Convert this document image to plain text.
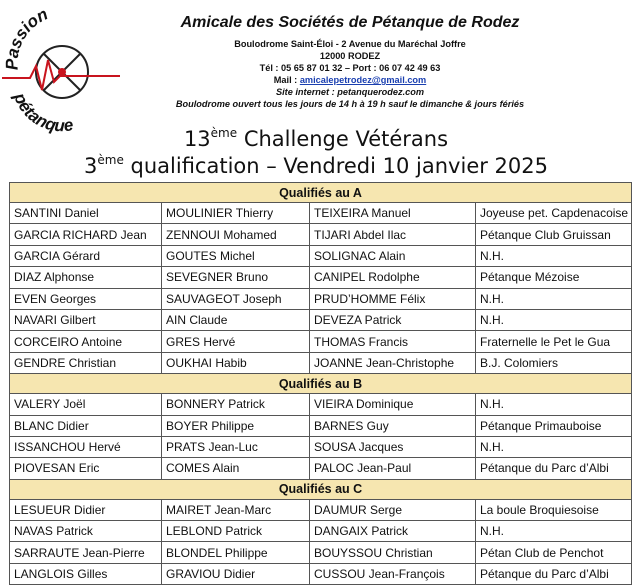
Passion
pétanque
Amicale des Sociétés de Pétanque de Rodez
Boulodrome Saint-Éloi - 2 Avenue du Maréchal Joffre
12000 RODEZ
Tél : 05 65 87 01 32 – Port : 06 07 42 49 63
Mail : amicalepetrodez@gmail.com
Site internet : petanquerodez.com
Boulodrome ouvert tous les jours de 14 h à 19 h sauf le dimanche & jours fériés
13ème Challenge Vétérans
3ème qualification – Vendredi 10 janvier 2025
Qualifiés au A			
SANTINI Daniel	MOULINIER Thierry	TEIXEIRA Manuel	Joyeuse pet. Capdenacoise
GARCIA RICHARD Jean	ZENNOUI Mohamed	TIJARI Abdel Ilac	Pétanque Club Gruissan
GARCIA Gérard	GOUTES Michel	SOLIGNAC Alain	N.H.
DIAZ Alphonse	SEVEGNER Bruno	CANIPEL Rodolphe	Pétanque Mézoise
EVEN Georges	SAUVAGEOT Joseph	PRUD’HOMME Félix	N.H.
NAVARI Gilbert	AIN Claude	DEVEZA Patrick	N.H.
CORCEIRO Antoine	GRES Hervé	THOMAS Francis	Fraternelle le Pet le Gua
GENDRE Christian	OUKHAI Habib	JOANNE Jean-Christophe	B.J. Colomiers
Qualifiés au B			
VALERY Joël	BONNERY Patrick	VIEIRA Dominique	N.H.
BLANC Didier	BOYER Philippe	BARNES Guy	Pétanque Primauboise
ISSANCHOU Hervé	PRATS Jean-Luc	SOUSA Jacques	N.H.
PIOVESAN Eric	COMES Alain	PALOC Jean-Paul	Pétanque du Parc d’Albi
Qualifiés au C			
LESUEUR Didier	MAIRET Jean-Marc	DAUMUR Serge	La boule Broquiesoise
NAVAS Patrick	LEBLOND Patrick	DANGAIX Patrick	N.H.
SARRAUTE Jean-Pierre	BLONDEL Philippe	BOUYSSOU Christian	Pétan Club de Penchot
LANGLOIS Gilles	GRAVIOU Didier	CUSSOU Jean-François	Pétanque du Parc d’Albi
